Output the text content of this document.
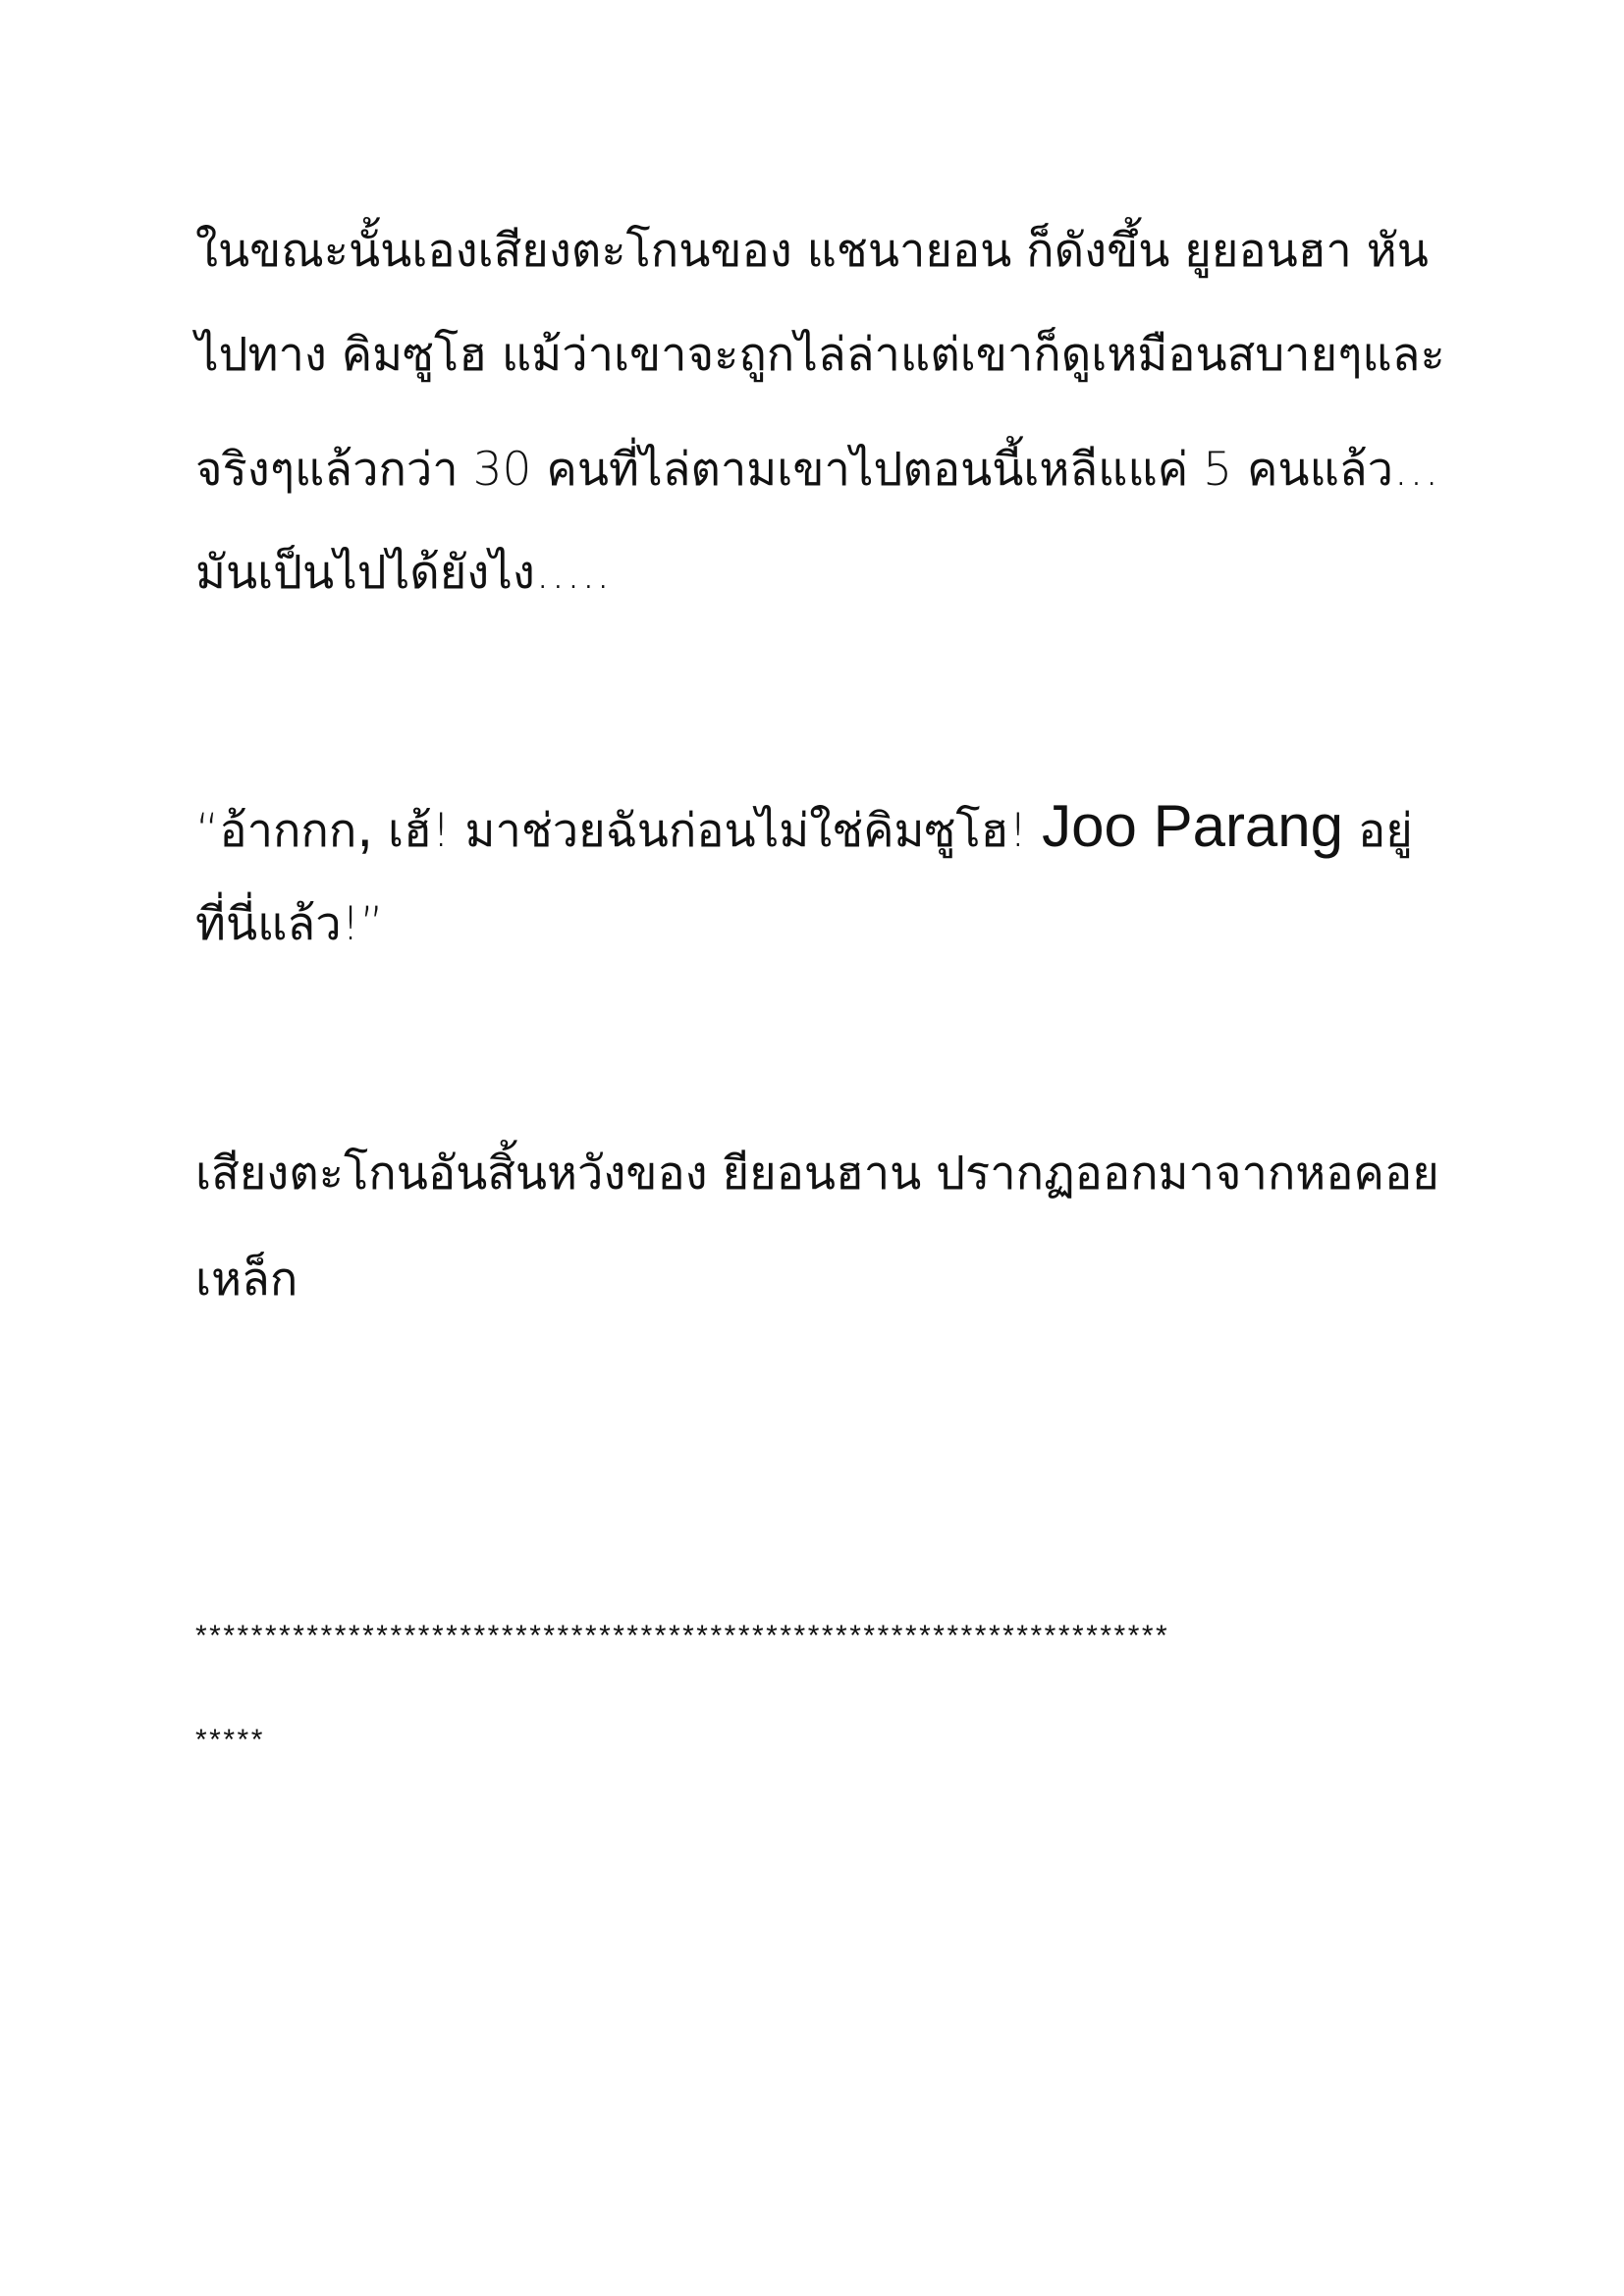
ในขณะนั้นเองเสียงตะโกนของ แชนายอน ก็ดังขึ้น ยูยอนฮา หัน
ไปทาง คิมซูโฮ แม้ว่าเขาจะถูกไล่ล่าแต่เขาก็ดูเหมือนสบายๆและ
จริงๆแล้วกว่า 30 คนที่ไล่ตามเขาไปตอนนี้เหลีแแค่ 5 คนแล้ว…
มันเป็นไปได้ยังไง…..
“อ้ากกก, เฮ้! มาช่วยฉันก่อนไม่ใช่คิมซูโฮ! Joo Parang อยู่
ที่นี่แล้ว!”
เสียงตะโกนอันสิ้นหวังของ ยียอนฮาน ปรากฏออกมาจากหอคอย
เหล็ก
**********************************************************************
*****
